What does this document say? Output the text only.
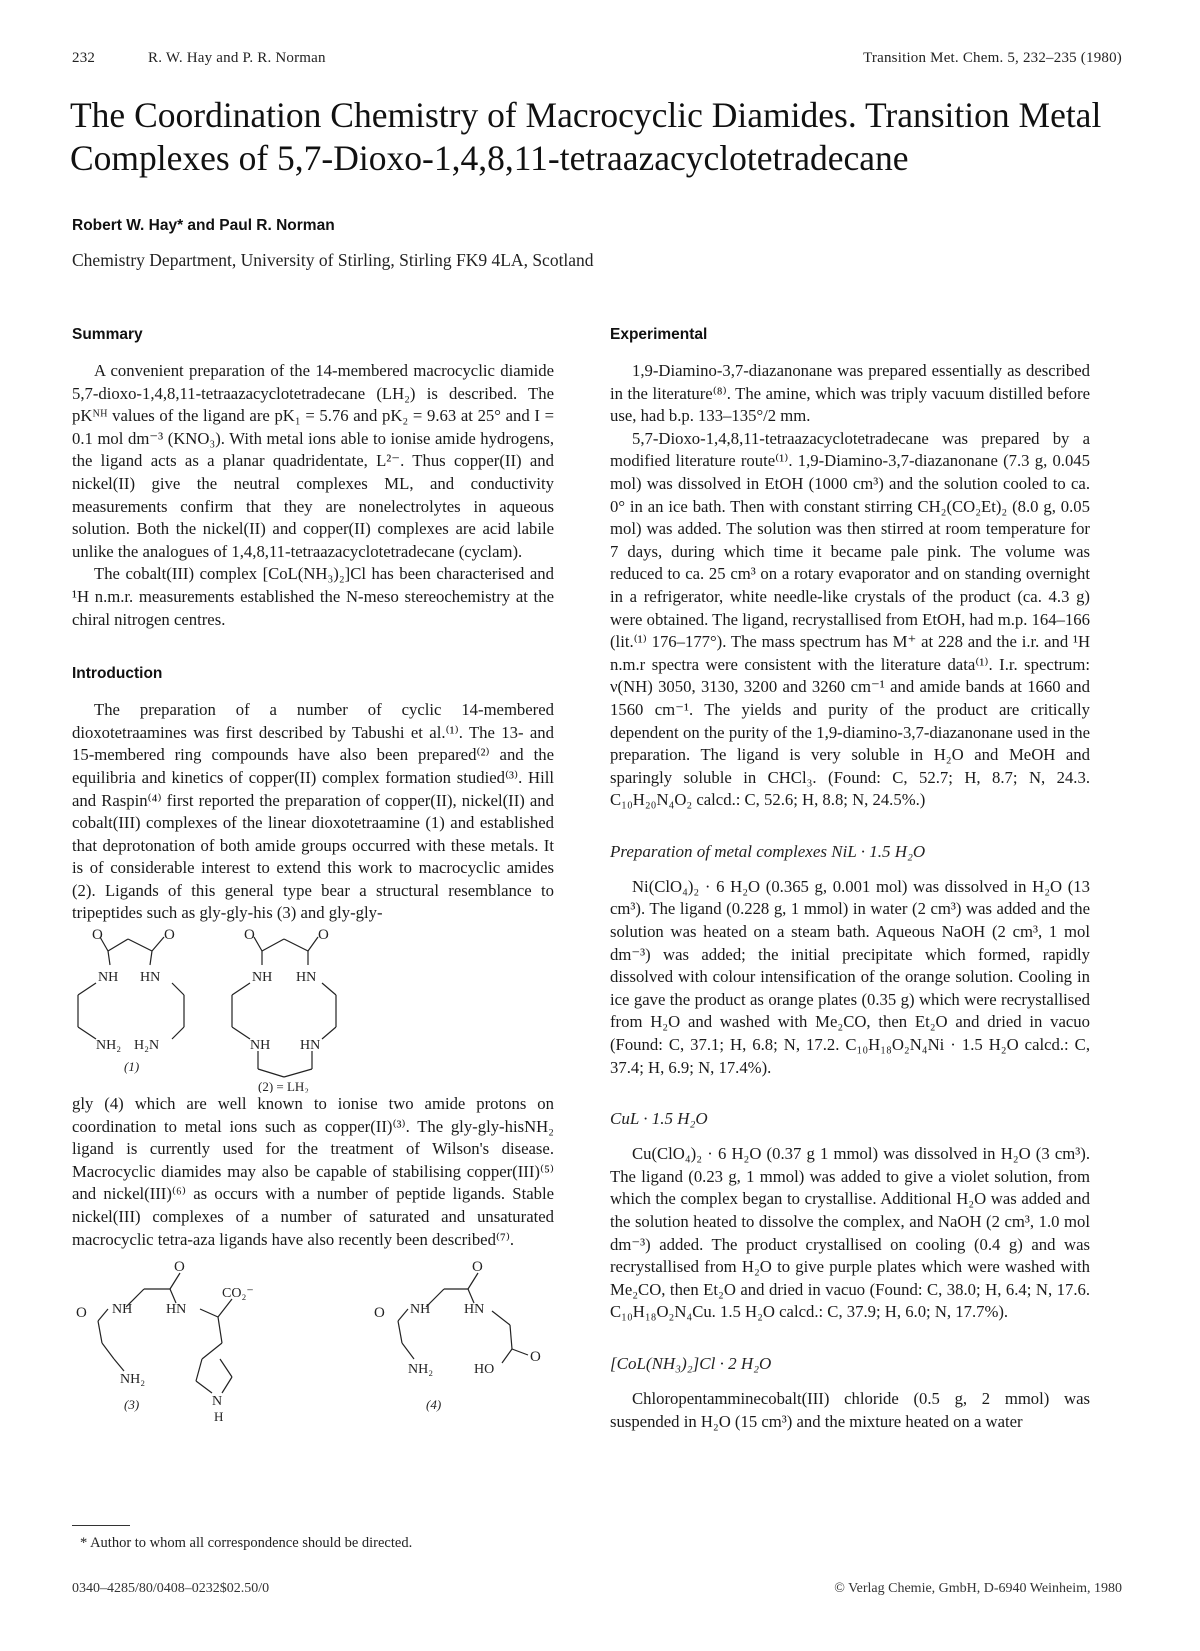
232	R. W. Hay and P. R. Norman	Transition Met. Chem. 5, 232–235 (1980)
The Coordination Chemistry of Macrocyclic Diamides. Transition Metal Complexes of 5,7-Dioxo-1,4,8,11-tetraazacyclotetradecane
Robert W. Hay* and Paul R. Norman
Chemistry Department, University of Stirling, Stirling FK9 4LA, Scotland
Summary

A convenient preparation of the 14-membered macrocyclic diamide 5,7-dioxo-1,4,8,11-tetraazacyclotetradecane (LH₂) is described. The pKᴺᴴ values of the ligand are pK₁ = 5.76 and pK₂ = 9.63 at 25° and I = 0.1 mol dm⁻³ (KNO₃). With metal ions able to ionise amide hydrogens, the ligand acts as a planar quadridentate, L²⁻. Thus copper(II) and nickel(II) give the neutral complexes ML, and conductivity measurements confirm that they are nonelectrolytes in aqueous solution. Both the nickel(II) and copper(II) complexes are acid labile unlike the analogues of 1,4,8,11-tetraazacyclotetradecane (cyclam).

The cobalt(III) complex [CoL(NH₃)₂]Cl has been characterised and ¹H n.m.r. measurements established the N-meso stereochemistry at the chiral nitrogen centres.

Introduction

The preparation of a number of cyclic 14-membered dioxotetraamines was first described by Tabushi et al.⁽¹⁾. The 13- and 15-membered ring compounds have also been prepared⁽²⁾ and the equilibria and kinetics of copper(II) complex formation studied⁽³⁾. Hill and Raspin⁽⁴⁾ first reported the preparation of copper(II), nickel(II) and cobalt(III) complexes of the linear dioxotetraamine (1) and established that deprotonation of both amide groups occurred with these metals. It is of considerable interest to extend this work to macrocyclic amides (2). Ligands of this general type bear a structural resemblance to tripeptides such as gly-gly-his (3) and gly-gly-

O	O
NH HN
NH₂ H₂N
(1)
O	O
NH HN
NH HN
(2) = LH₂

gly (4) which are well known to ionise two amide protons on coordination to metal ions such as copper(II)⁽³⁾. The gly-gly-hisNH₂ ligand is currently used for the treatment of Wilson's disease. Macrocyclic diamides may also be capable of stabilising copper(III)⁽⁵⁾ and nickel(III)⁽⁶⁾ as occurs with a number of peptide ligands. Stable nickel(III) complexes of a number of saturated and unsaturated macrocyclic tetra-aza ligands have also recently been described⁽⁷⁾.

O
O NH HN
CO₂⁻
NH₂
N
H
(3)
O
O NH HN
NH₂	HO
O
(4)
* Author to whom all correspondence should be directed.
0340–4285/80/0408–0232$02.50/0	© Verlag Chemie, GmbH, D-6940 Weinheim, 1980
Experimental

1,9-Diamino-3,7-diazanonane was prepared essentially as described in the literature⁽⁸⁾. The amine, which was triply vacuum distilled before use, had b.p. 133–135°/2 mm.

5,7-Dioxo-1,4,8,11-tetraazacyclotetradecane was prepared by a modified literature route⁽¹⁾. 1,9-Diamino-3,7-diazanonane (7.3 g, 0.045 mol) was dissolved in EtOH (1000 cm³) and the solution cooled to ca. 0° in an ice bath. Then with constant stirring CH₂(CO₂Et)₂ (8.0 g, 0.05 mol) was added. The solution was then stirred at room temperature for 7 days, during which time it became pale pink. The volume was reduced to ca. 25 cm³ on a rotary evaporator and on standing overnight in a refrigerator, white needle-like crystals of the product (ca. 4.3 g) were obtained. The ligand, recrystallised from EtOH, had m.p. 164–166 (lit.⁽¹⁾ 176–177°). The mass spectrum has M⁺ at 228 and the i.r. and ¹H n.m.r spectra were consistent with the literature data⁽¹⁾. I.r. spectrum: ν(NH) 3050, 3130, 3200 and 3260 cm⁻¹ and amide bands at 1660 and 1560 cm⁻¹. The yields and purity of the product are critically dependent on the purity of the 1,9-diamino-3,7-diazanonane used in the preparation. The ligand is very soluble in H₂O and MeOH and sparingly soluble in CHCl₃. (Found: C, 52.7; H, 8.7; N, 24.3. C₁₀H₂₀N₄O₂ calcd.: C, 52.6; H, 8.8; N, 24.5%.)

Preparation of metal complexes NiL · 1.5 H₂O

Ni(ClO₄)₂ · 6 H₂O (0.365 g, 0.001 mol) was dissolved in H₂O (13 cm³). The ligand (0.228 g, 1 mmol) in water (2 cm³) was added and the solution was heated on a steam bath. Aqueous NaOH (2 cm³, 1 mol dm⁻³) was added; the initial precipitate which formed, rapidly dissolved with colour intensification of the orange solution. Cooling in ice gave the product as orange plates (0.35 g) which were recrystallised from H₂O and washed with Me₂CO, then Et₂O and dried in vacuo (Found: C, 37.1; H, 6.8; N, 17.2. C₁₀H₁₈O₂N₄Ni · 1.5 H₂O calcd.: C, 37.4; H, 6.9; N, 17.4%).

CuL · 1.5 H₂O

Cu(ClO₄)₂ · 6 H₂O (0.37 g 1 mmol) was dissolved in H₂O (3 cm³). The ligand (0.23 g, 1 mmol) was added to give a violet solution, from which the complex began to crystallise. Additional H₂O was added and the solution heated to dissolve the complex, and NaOH (2 cm³, 1.0 mol dm⁻³) added. The product crystallised on cooling (0.4 g) and was recrystallised from H₂O to give purple plates which were washed with Me₂CO, then Et₂O and dried in vacuo (Found: C, 38.0; H, 6.4; N, 17.6. C₁₀H₁₈O₂N₄Cu. 1.5 H₂O calcd.: C, 37.9; H, 6.0; N, 17.7%).

[CoL(NH₃)₂]Cl · 2 H₂O

Chloropentamminecobalt(III) chloride (0.5 g, 2 mmol) was suspended in H₂O (15 cm³) and the mixture heated on a water
